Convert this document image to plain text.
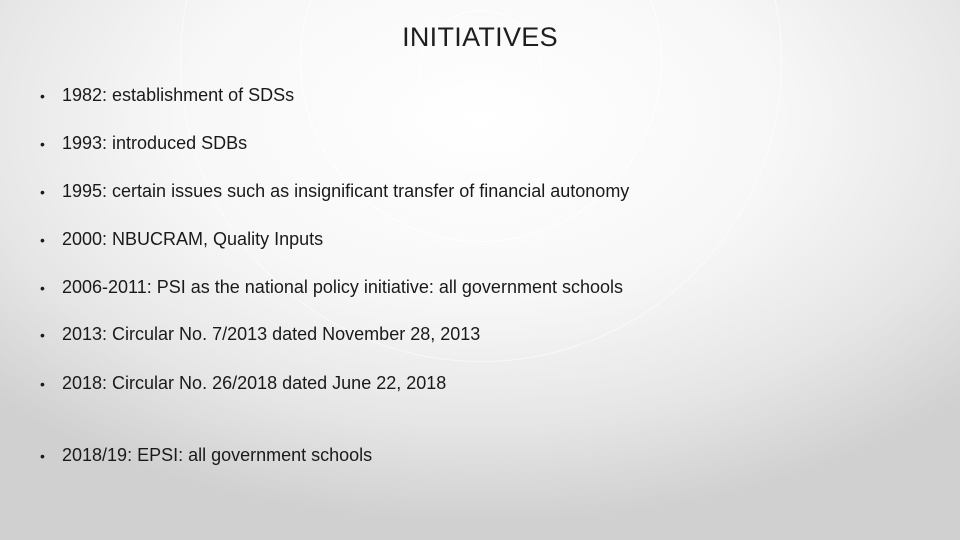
INITIATIVES
• 1982: establishment of SDSs
• 1993: introduced SDBs
• 1995: certain issues such as insignificant transfer of financial autonomy
• 2000: NBUCRAM, Quality Inputs
• 2006-2011: PSI as the national policy initiative: all government schools
• 2013: Circular No. 7/2013 dated November 28, 2013
• 2018: Circular No. 26/2018 dated June 22, 2018
• 2018/19: EPSI: all government schools
